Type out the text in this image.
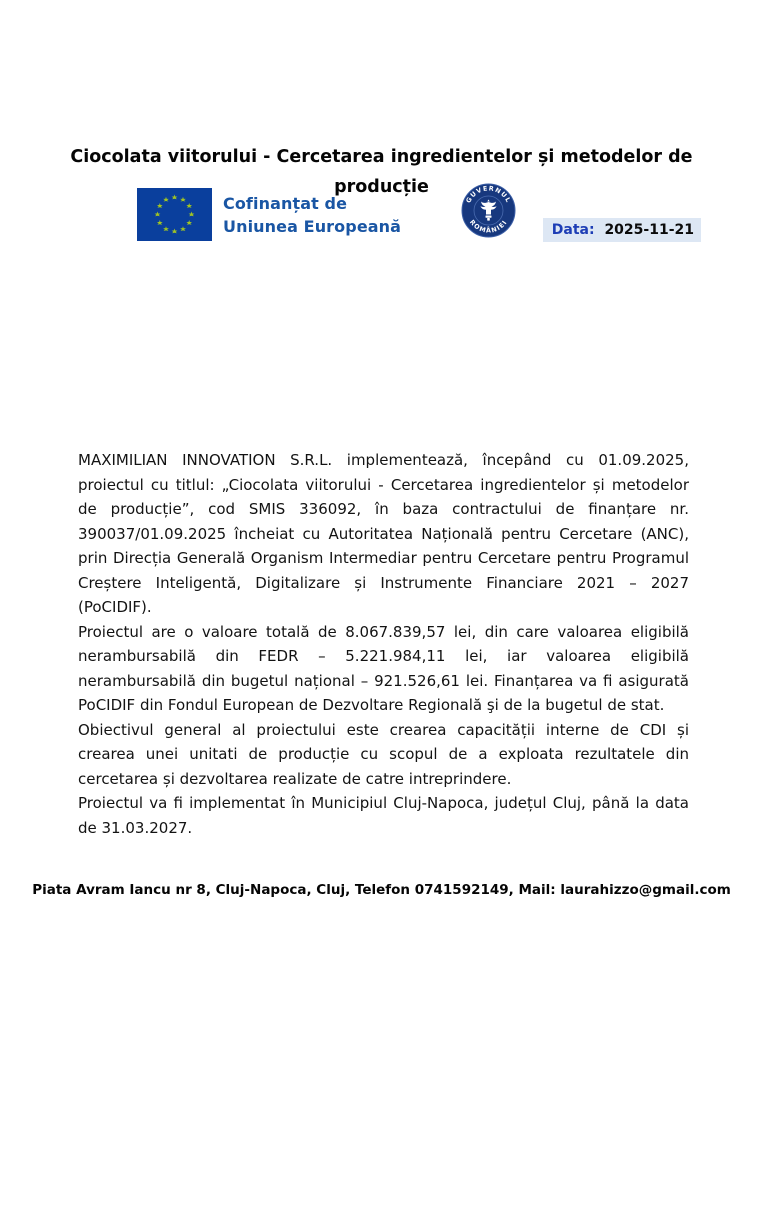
Cofinanțat de
Uniunea Europeană
GUVERNUL
ROMÂNIEI
Ciocolata viitorului - Cercetarea ingredientelor și metodelor de producție
Data: 2025-11-21

MAXIMILIAN INNOVATION S.R.L. implementează, începând cu 01.09.2025, proiectul cu titlul: „Ciocolata viitorului - Cercetarea ingredientelor și metodelor de producție”, cod SMIS 336092, în baza contractului de finanțare nr. 390037/01.09.2025 încheiat cu Autoritatea Națională pentru Cercetare (ANC), prin Direcția Generală Organism Intermediar pentru Cercetare pentru Programul Creștere Inteligentă, Digitalizare și Instrumente Financiare 2021 – 2027 (PoCIDIF).

Proiectul are o valoare totală de 8.067.839,57 lei, din care valoarea eligibilă nerambursabilă din FEDR – 5.221.984,11 lei, iar valoarea eligibilă nerambursabilă din bugetul național – 921.526,61 lei. Finanțarea va fi asigurată PoCIDIF din Fondul European de Dezvoltare Regională şi de la bugetul de stat.

Obiectivul general al proiectului este crearea capacității interne de CDI și crearea unei unitati de producție cu scopul de a exploata rezultatele din cercetarea și dezvoltarea realizate de catre intreprindere.

Proiectul va fi implementat în Municipiul Cluj-Napoca, județul Cluj, până la data de 31.03.2027.

Piata Avram Iancu nr 8, Cluj-Napoca, Cluj, Telefon 0741592149, Mail: laurahizzo@gmail.com
